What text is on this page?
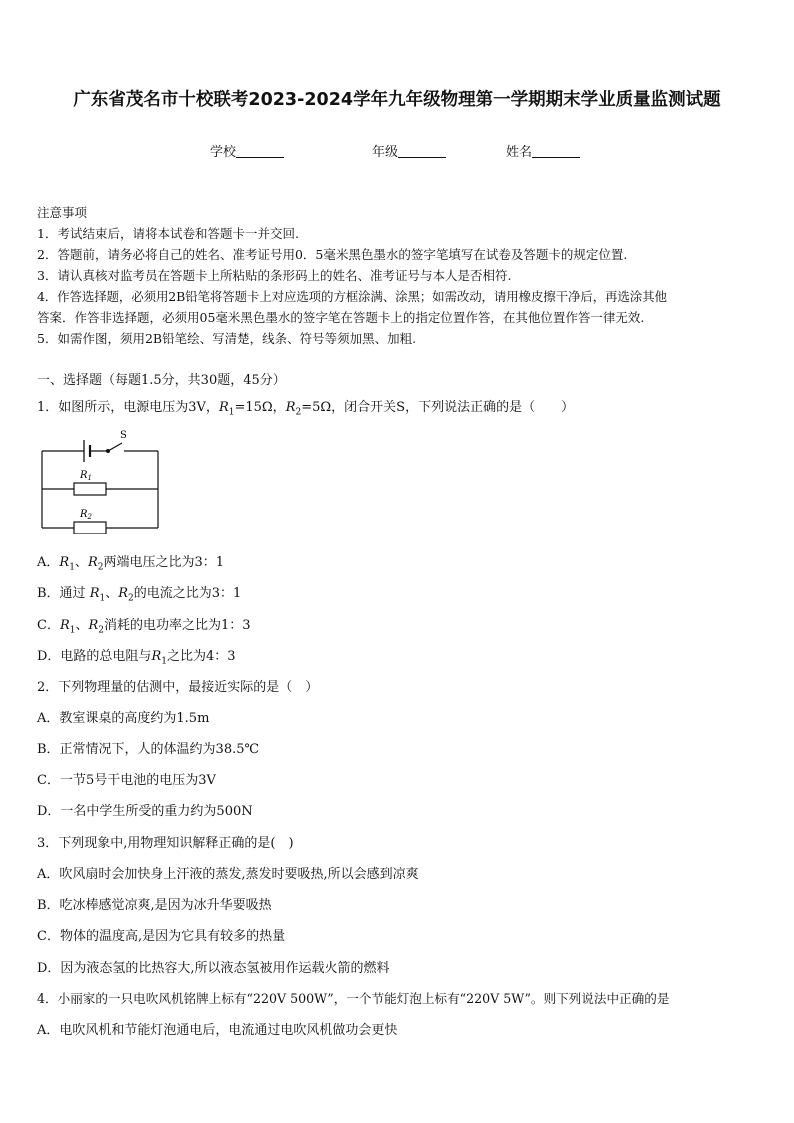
广东省茂名市十校联考2023-2024学年九年级物理第一学期期末学业质量监测试题
学校	年级	姓名
注意事项
1．考试结束后，请将本试卷和答题卡一并交回.
2．答题前，请务必将自己的姓名、准考证号用0．5毫米黑色墨水的签字笔填写在试卷及答题卡的规定位置.
3．请认真核对监考员在答题卡上所粘贴的条形码上的姓名、准考证号与本人是否相符.
4．作答选择题，必须用2B铅笔将答题卡上对应选项的方框涂满、涂黑；如需改动，请用橡皮擦干净后，再选涂其他
答案．作答非选择题，必须用05毫米黑色墨水的签字笔在答题卡上的指定位置作答，在其他位置作答一律无效.
5．如需作图，须用2B铅笔绘、写清楚，线条、符号等须加黑、加粗.
一、选择题（每题1.5分，共30题，45分）
1．如图所示，电源电压为3V，$R_1=15\Omega$，$R_2=5\Omega$，闭合开关S，下列说法正确的是（　　）
S
$R_1$
$R_2$
A．$R_1$、$R_2$两端电压之比为3：1
B．通过 $R_1$、$R_2$的电流之比为3：1
C．$R_1$、$R_2$消耗的电功率之比为1：3
D．电路的总电阻与$R_1$之比为4：3
2．下列物理量的估测中，最接近实际的是（　）
A．教室课桌的高度约为1.5m
B．正常情况下，人的体温约为38.5℃
C．一节5号干电池的电压为3V
D．一名中学生所受的重力约为500N
3．下列现象中,用物理知识解释正确的是(　)
A．吹风扇时会加快身上汗液的蒸发,蒸发时要吸热,所以会感到凉爽
B．吃冰棒感觉凉爽,是因为冰升华要吸热
C．物体的温度高,是因为它具有较多的热量
D．因为液态氢的比热容大,所以液态氢被用作运载火箭的燃料
4．小丽家的一只电吹风机铭牌上标有“220V 500W”，一个节能灯泡上标有“220V 5W”。则下列说法中正确的是
A．电吹风机和节能灯泡通电后，电流通过电吹风机做功会更快
